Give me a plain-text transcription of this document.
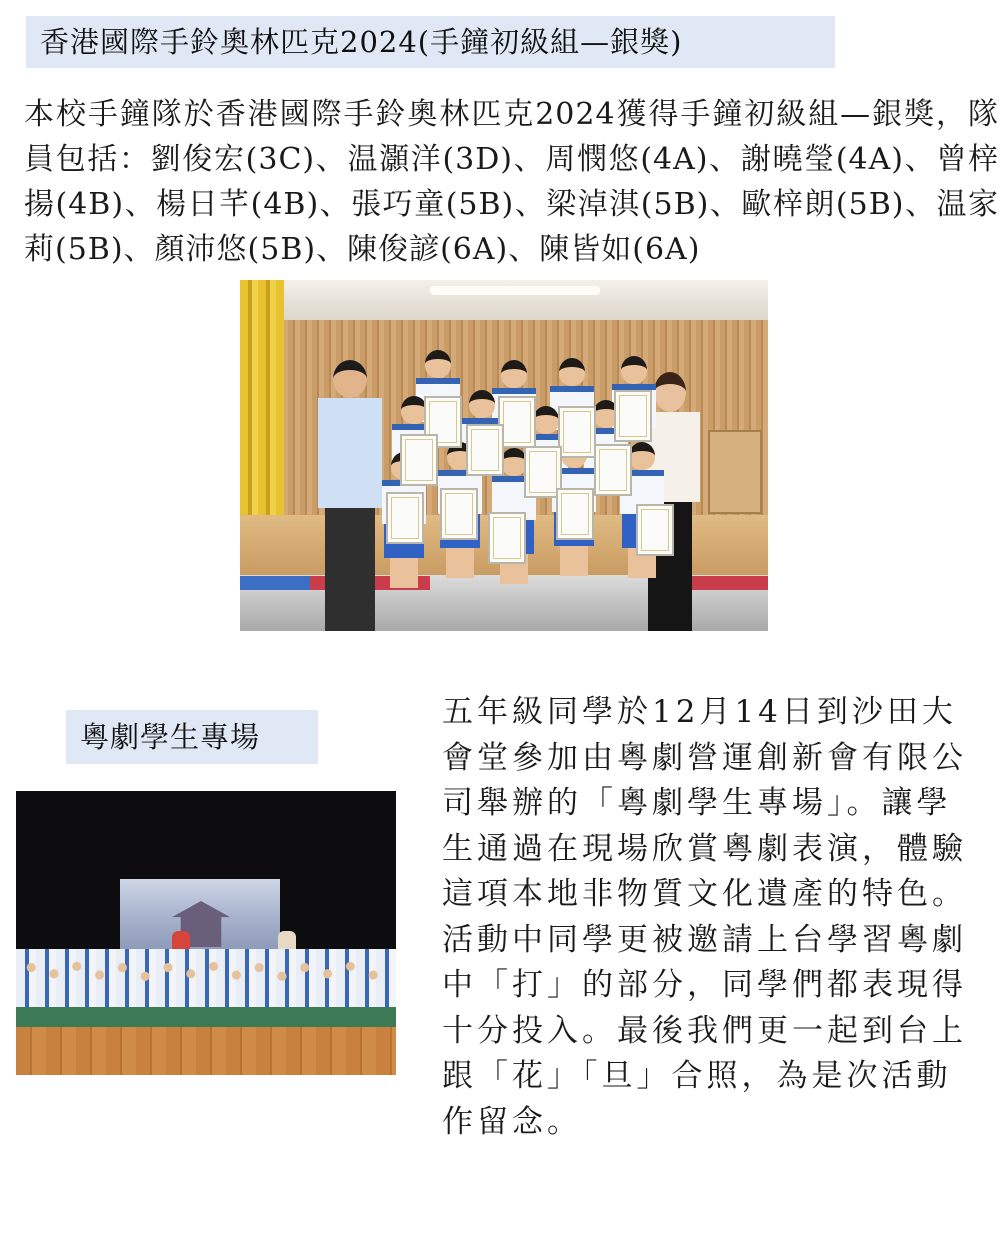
香港國際手鈴奧林匹克2024(手鐘初級組—銀獎)

本校手鐘隊於香港國際手鈴奧林匹克2024獲得手鐘初級組—銀獎，隊員包括：劉俊宏(3C)、温灝洋(3D)、周憫悠(4A)、謝曉瑩(4A)、曾梓揚(4B)、楊日芊(4B)、張巧童(5B)、梁淖淇(5B)、歐梓朗(5B)、温家莉(5B)、顏沛悠(5B)、陳俊諺(6A)、陳皆如(6A)

粵劇學生專場

五年級同學於12月14日到沙田大會堂參加由粵劇營運創新會有限公司舉辦的「粵劇學生專場」。讓學生通過在現場欣賞粵劇表演，體驗這項本地非物質文化遺產的特色。活動中同學更被邀請上台學習粵劇中「打」的部分，同學們都表現得十分投入。最後我們更一起到台上跟「花」「旦」合照，為是次活動作留念。
